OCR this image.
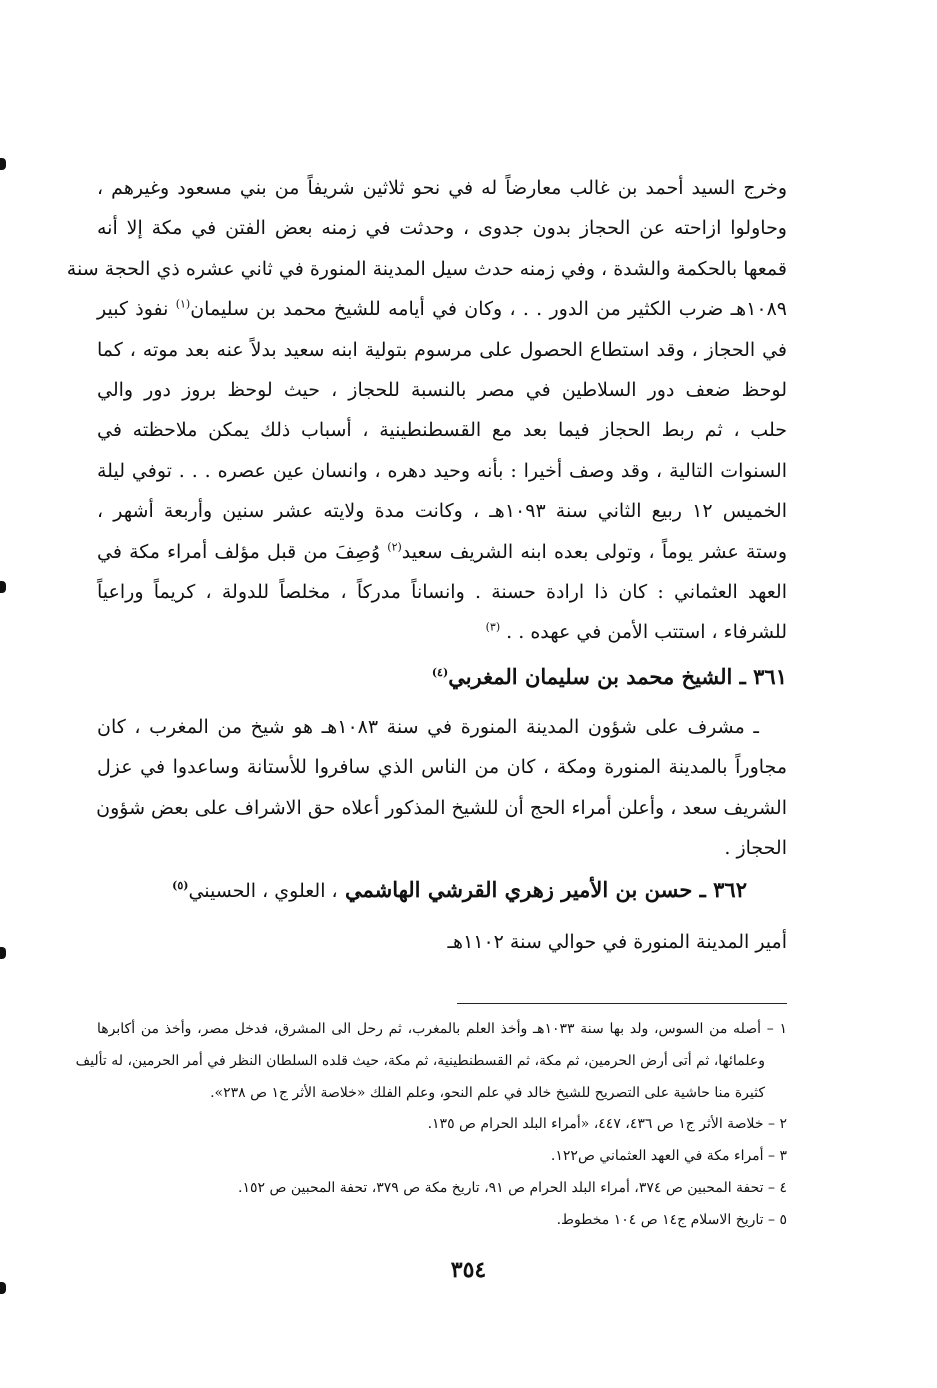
وخرج السيد أحمد بن غالب معارضاً له في نحو ثلاثين شريفاً من بني مسعود وغيرهم ،
وحاولوا ازاحته عن الحجاز بدون جدوى ، وحدثت في زمنه بعض الفتن في مكة إلا أنه
قمعها بالحكمة والشدة ، وفي زمنه حدث سيل المدينة المنورة في ثاني عشره ذي الحجة سنة
١٠٨٩هـ ضرب الكثير من الدور . . ، وكان في أيامه للشيخ محمد بن سليمان$^{(١)}$ نفوذ كبير
في الحجاز ، وقد استطاع الحصول على مرسوم بتولية ابنه سعيد بدلاً عنه بعد موته ، كما
لوحظ ضعف دور السلاطين في مصر بالنسبة للحجاز ، حيث لوحظ بروز دور والي
حلب ، ثم ربط الحجاز فيما بعد مع القسطنطينية ، أسباب ذلك يمكن ملاحظته في
السنوات التالية ، وقد وصف أخيرا : بأنه وحيد دهره ، وانسان عين عصره . . . توفي ليلة
الخميس ١٢ ربيع الثاني سنة ١٠٩٣هـ ، وكانت مدة ولايته عشر سنين وأربعة أشهر ،
وستة عشر يوماً ، وتولى بعده ابنه الشريف سعيد$^{(٢)}$ وُصِفَ من قبل مؤلف أمراء مكة في
العهد العثماني : كان ذا ارادة حسنة . وانساناً مدركاً ، مخلصاً للدولة ، كريماً وراعياً
للشرفاء ، استتب الأمن في عهده . . $^{(٣)}$
٣٦١ ـ الشيخ محمد بن سليمان المغربي$^{(٤)}$
ـ مشرف على شؤون المدينة المنورة في سنة ١٠٨٣هـ هو شيخ من المغرب ، كان
مجاوراً بالمدينة المنورة ومكة ، كان من الناس الذي سافروا للأستانة وساعدوا في عزل
الشريف سعد ، وأعلن أمراء الحج أن للشيخ المذكور أعلاه حق الاشراف على بعض شؤون
الحجاز .
٣٦٢ ـ حسن بن الأمير زهري القرشي الهاشمي ، العلوي ، الحسيني$^{(٥)}$
أمير المدينة المنورة في حوالي سنة ١١٠٢هـ
١ – أصله من السوس، ولد بها سنة ١٠٣٣هـ وأخذ العلم بالمغرب، ثم رحل الى المشرق، فدخل مصر، وأخذ من أكابرها
وعلمائها، ثم أتى أرض الحرمين، ثم مكة، ثم القسطنطينية، ثم مكة، حيث قلده السلطان النظر في أمر الحرمين، له تأليف
كثيرة منا حاشية على التصريح للشيخ خالد في علم النحو، وعلم الفلك «خلاصة الأثر ج١ ص ٢٣٨».
٢ – خلاصة الأثر ج١ ص ٤٣٦، ٤٤٧، «أمراء البلد الحرام ص ١٣٥.
٣ – أمراء مكة في العهد العثماني ص١٢٢.
٤ – تحفة المحبين ص ٣٧٤، أمراء البلد الحرام ص ٩١، تاريخ مكة ص ٣٧٩، تحفة المحبين ص ١٥٢.
٥ – تاريخ الاسلام ج١٤ ص ١٠٤ مخطوط.
٣٥٤
